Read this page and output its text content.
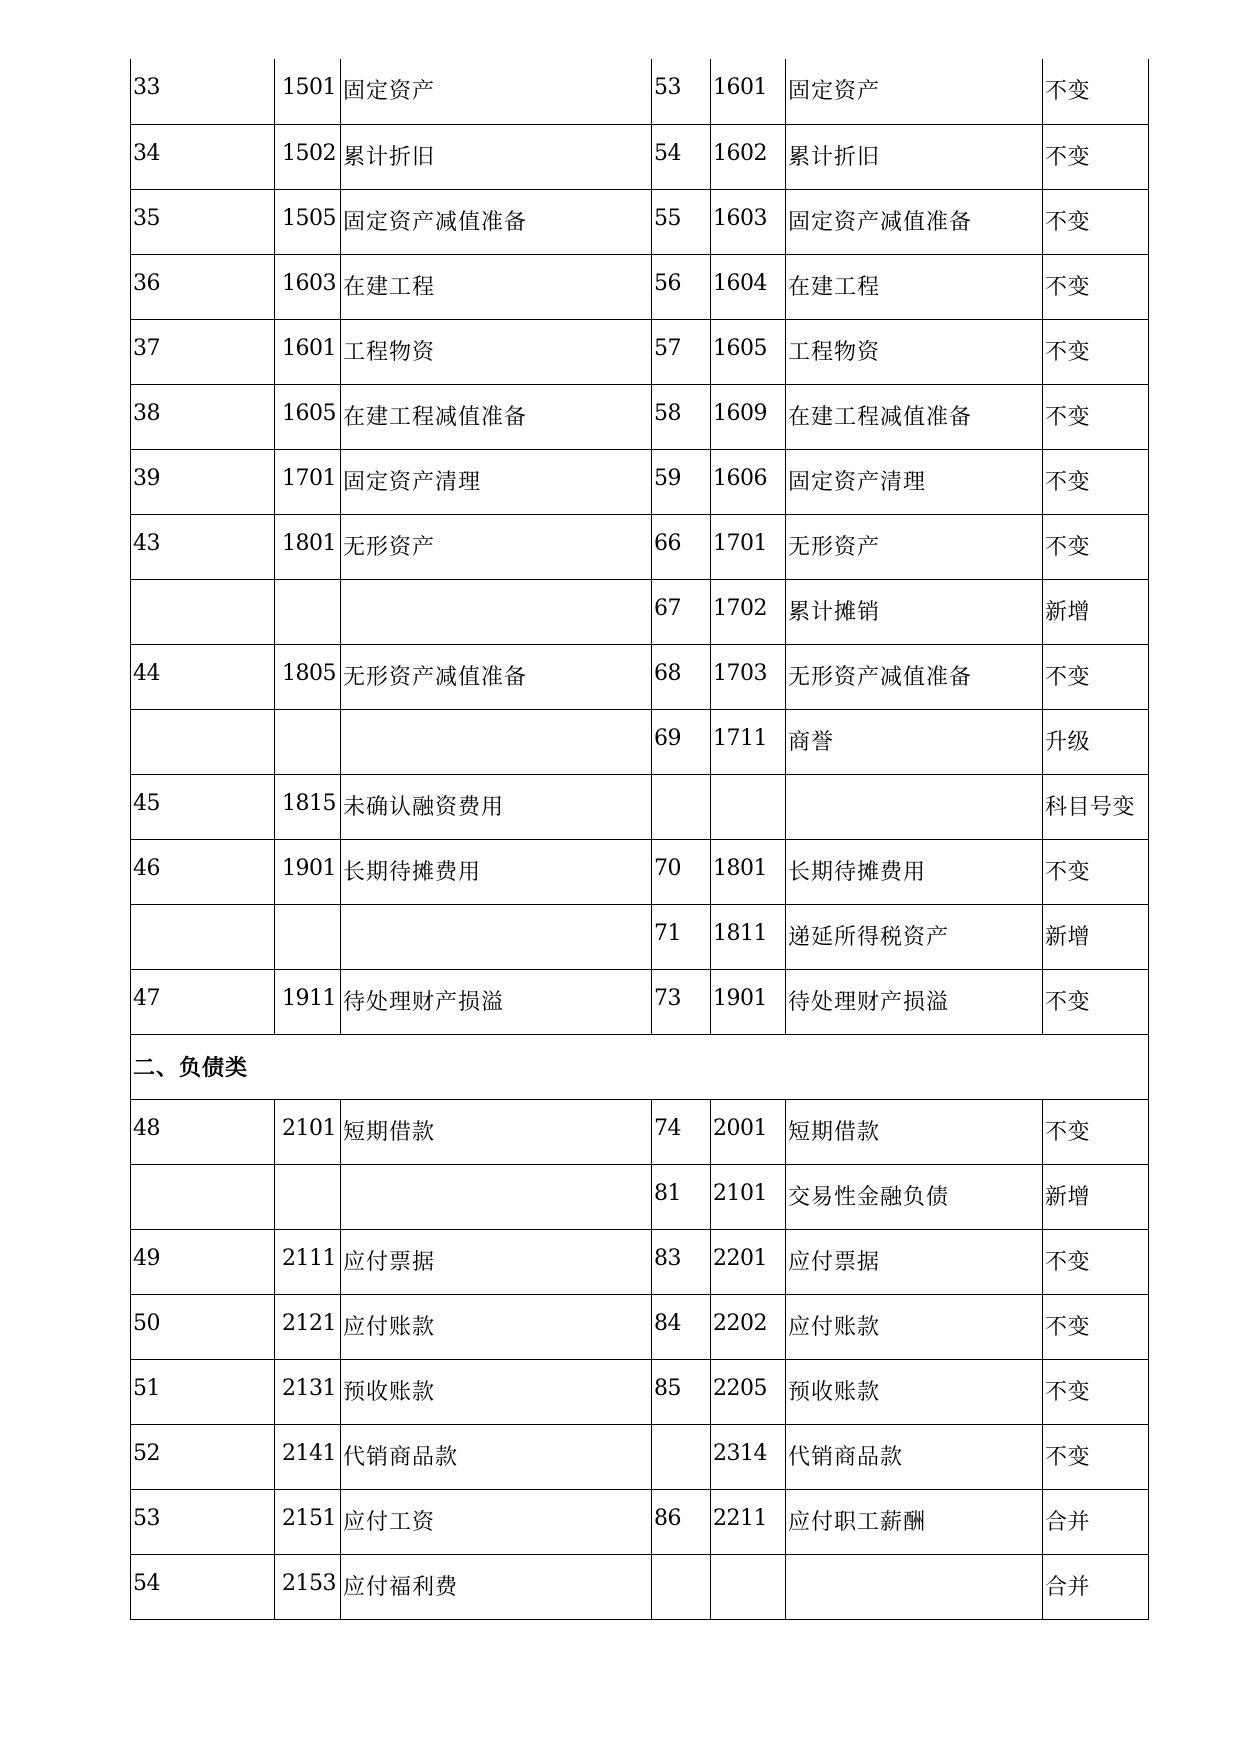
33	1501	固定资产	53	1601	固定资产	不变
34	1502	累计折旧	54	1602	累计折旧	不变
35	1505	固定资产减值准备	55	1603	固定资产减值准备	不变
36	1603	在建工程	56	1604	在建工程	不变
37	1601	工程物资	57	1605	工程物资	不变
38	1605	在建工程减值准备	58	1609	在建工程减值准备	不变
39	1701	固定资产清理	59	1606	固定资产清理	不变
43	1801	无形资产	66	1701	无形资产	不变
			67	1702	累计摊销	新增
44	1805	无形资产减值准备	68	1703	无形资产减值准备	不变
			69	1711	商誉	升级
45	1815	未确认融资费用				科目号变
46	1901	长期待摊费用	70	1801	长期待摊费用	不变
			71	1811	递延所得税资产	新增
47	1911	待处理财产损溢	73	1901	待处理财产损溢	不变
二、负债类						
48	2101	短期借款	74	2001	短期借款	不变
			81	2101	交易性金融负债	新增
49	2111	应付票据	83	2201	应付票据	不变
50	2121	应付账款	84	2202	应付账款	不变
51	2131	预收账款	85	2205	预收账款	不变
52	2141	代销商品款		2314	代销商品款	不变
53	2151	应付工资	86	2211	应付职工薪酬	合并
54	2153	应付福利费				合并
